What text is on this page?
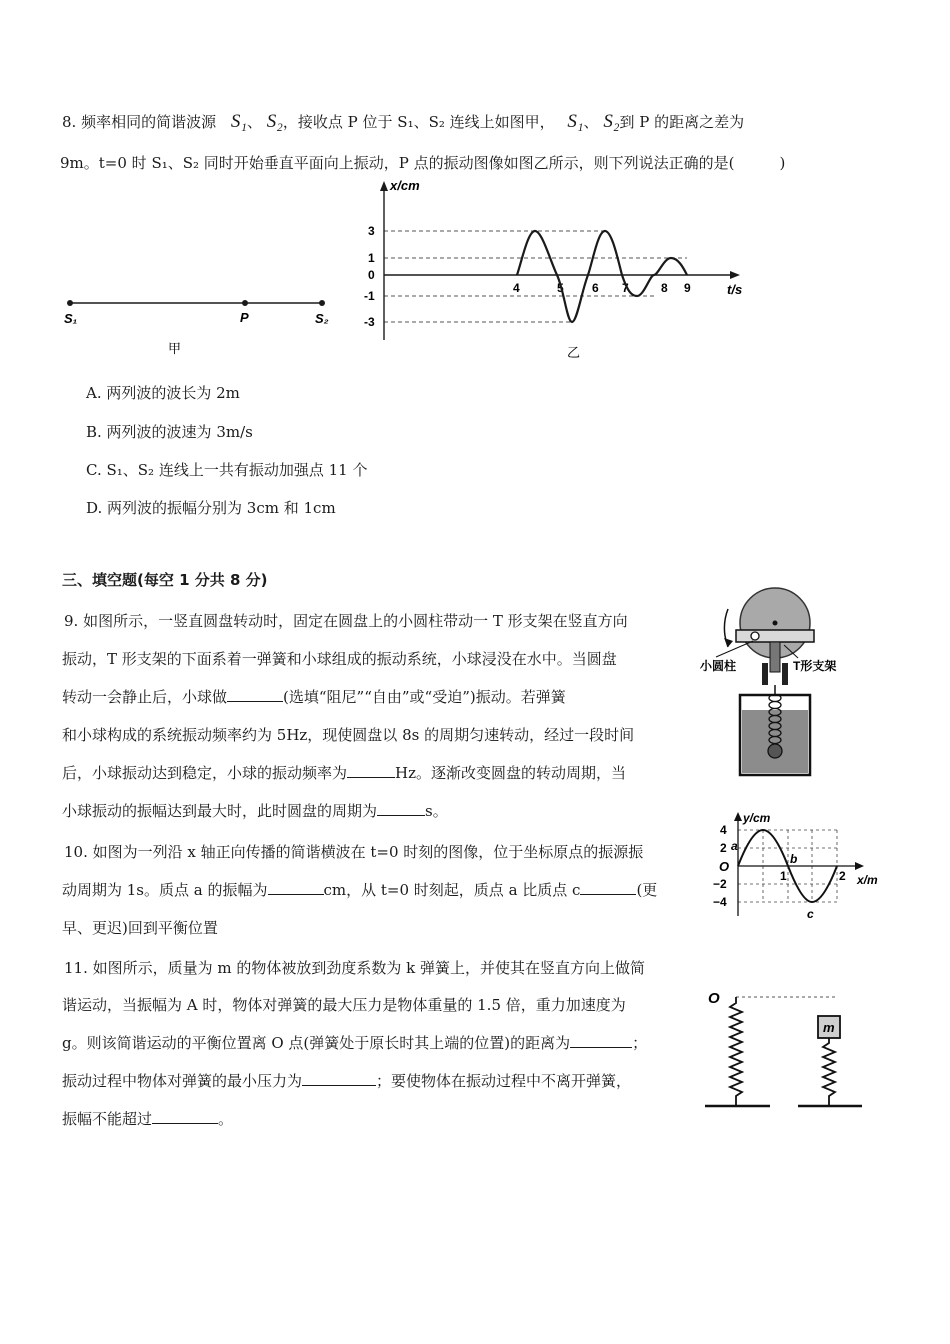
8. 频率相同的简谐波源 S₁、 S₂，接收点 P 位于 S₁、S₂ 连线上如图甲， S₁、 S₂到 P 的距离之差为
9m。t=0 时 S₁、S₂ 同时开始垂直平面向上振动，P 点的振动图像如图乙所示，则下列说法正确的是(　　　)
S₁	P	S₂
甲
x/cm
t/s
3
1
0
-1
-3
4	5 6 7	8 9
乙
A. 两列波的波长为 2m
B. 两列波的波速为 3m/s
C. S₁、S₂ 连线上一共有振动加强点 11 个
D. 两列波的振幅分别为 3cm 和 1cm
三、填空题(每空 1 分共 8 分)
9. 如图所示，一竖直圆盘转动时，固定在圆盘上的小圆柱带动一 T 形支架在竖直方向
振动，T 形支架的下面系着一弹簧和小球组成的振动系统，小球浸没在水中。当圆盘
转动一会静止后，小球做	(选填“阻尼”“自由”或“受迫”)振动。若弹簧
和小球构成的系统振动频率约为 5Hz，现使圆盘以 8s 的周期匀速转动，经过一段时间
后，小球振动达到稳定，小球的振动频率为	Hz。逐渐改变圆盘的转动周期，当
小球振动的振幅达到最大时，此时圆盘的周期为	s。
小圆柱	T形支架
10. 如图为一列沿 x 轴正向传播的简谐横波在 t=0 时刻的图像，位于坐标原点的振源振
动周期为 1s。质点 a 的振幅为	cm，从 t=0 时刻起，质点 a 比质点 c	(更
早、更迟)回到平衡位置
y/cm
x/m
4
2
O
−2
−4
1	2
a
b
c
11. 如图所示，质量为 m 的物体被放到劲度系数为 k 弹簧上，并使其在竖直方向上做简
谐运动，当振幅为 A 时，物体对弹簧的最大压力是物体重量的 1.5 倍，重力加速度为
g。则该简谐运动的平衡位置离 O 点(弹簧处于原长时其上端的位置)的距离为	；
振动过程中物体对弹簧的最小压力为	；要使物体在振动过程中不离开弹簧，
振幅不能超过	。
O
m
